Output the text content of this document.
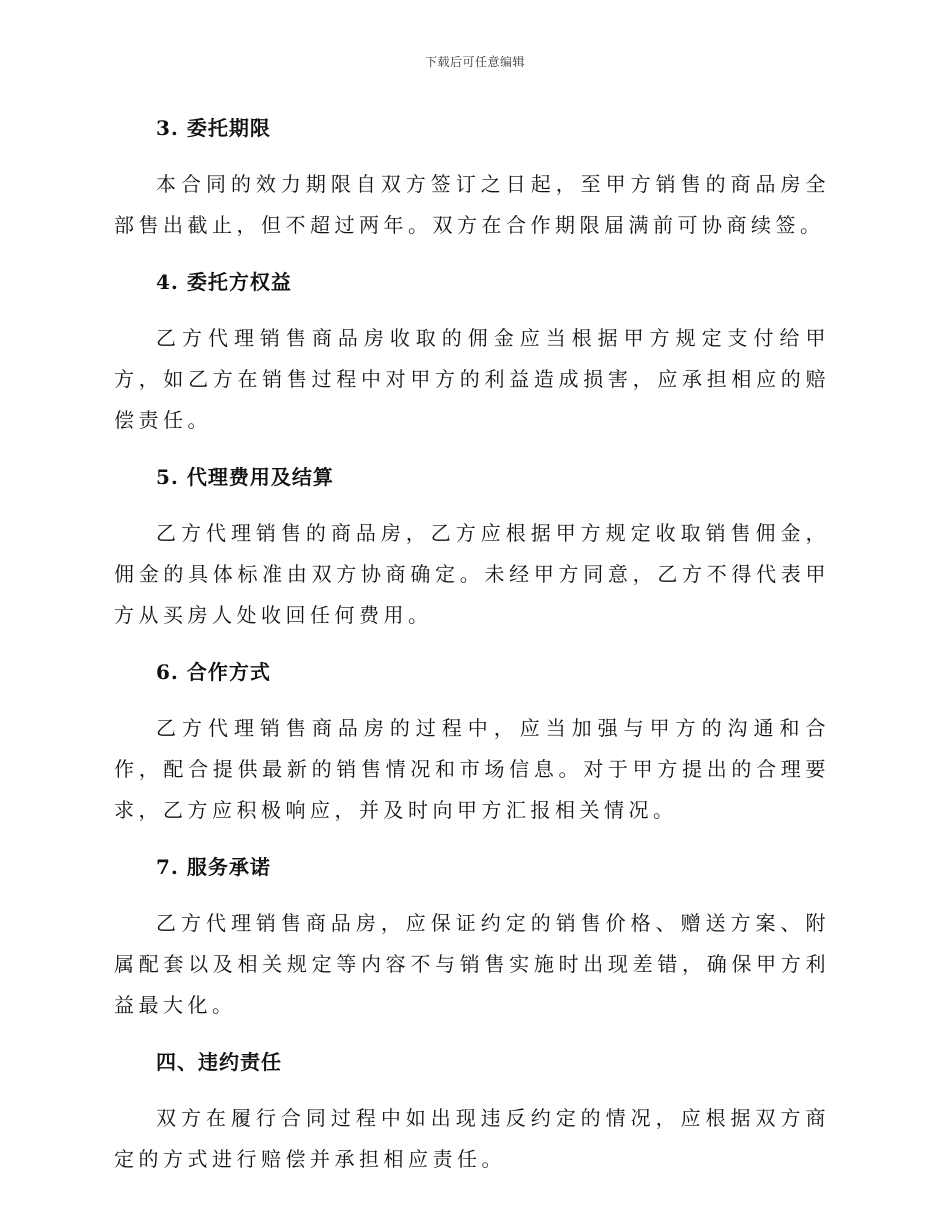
下载后可任意编辑
3. 委托期限

本合同的效力期限自双方签订之日起，至甲方销售的商品房全部售出截止，但不超过两年。双方在合作期限届满前可协商续签。

4. 委托方权益

乙方代理销售商品房收取的佣金应当根据甲方规定支付给甲方，如乙方在销售过程中对甲方的利益造成损害，应承担相应的赔偿责任。

5. 代理费用及结算

乙方代理销售的商品房，乙方应根据甲方规定收取销售佣金，佣金的具体标准由双方协商确定。未经甲方同意，乙方不得代表甲方从买房人处收回任何费用。

6. 合作方式

乙方代理销售商品房的过程中，应当加强与甲方的沟通和合作，配合提供最新的销售情况和市场信息。对于甲方提出的合理要求，乙方应积极响应，并及时向甲方汇报相关情况。

7. 服务承诺

乙方代理销售商品房，应保证约定的销售价格、赠送方案、附属配套以及相关规定等内容不与销售实施时出现差错，确保甲方利益最大化。

四、违约责任

双方在履行合同过程中如出现违反约定的情况，应根据双方商定的方式进行赔偿并承担相应责任。
